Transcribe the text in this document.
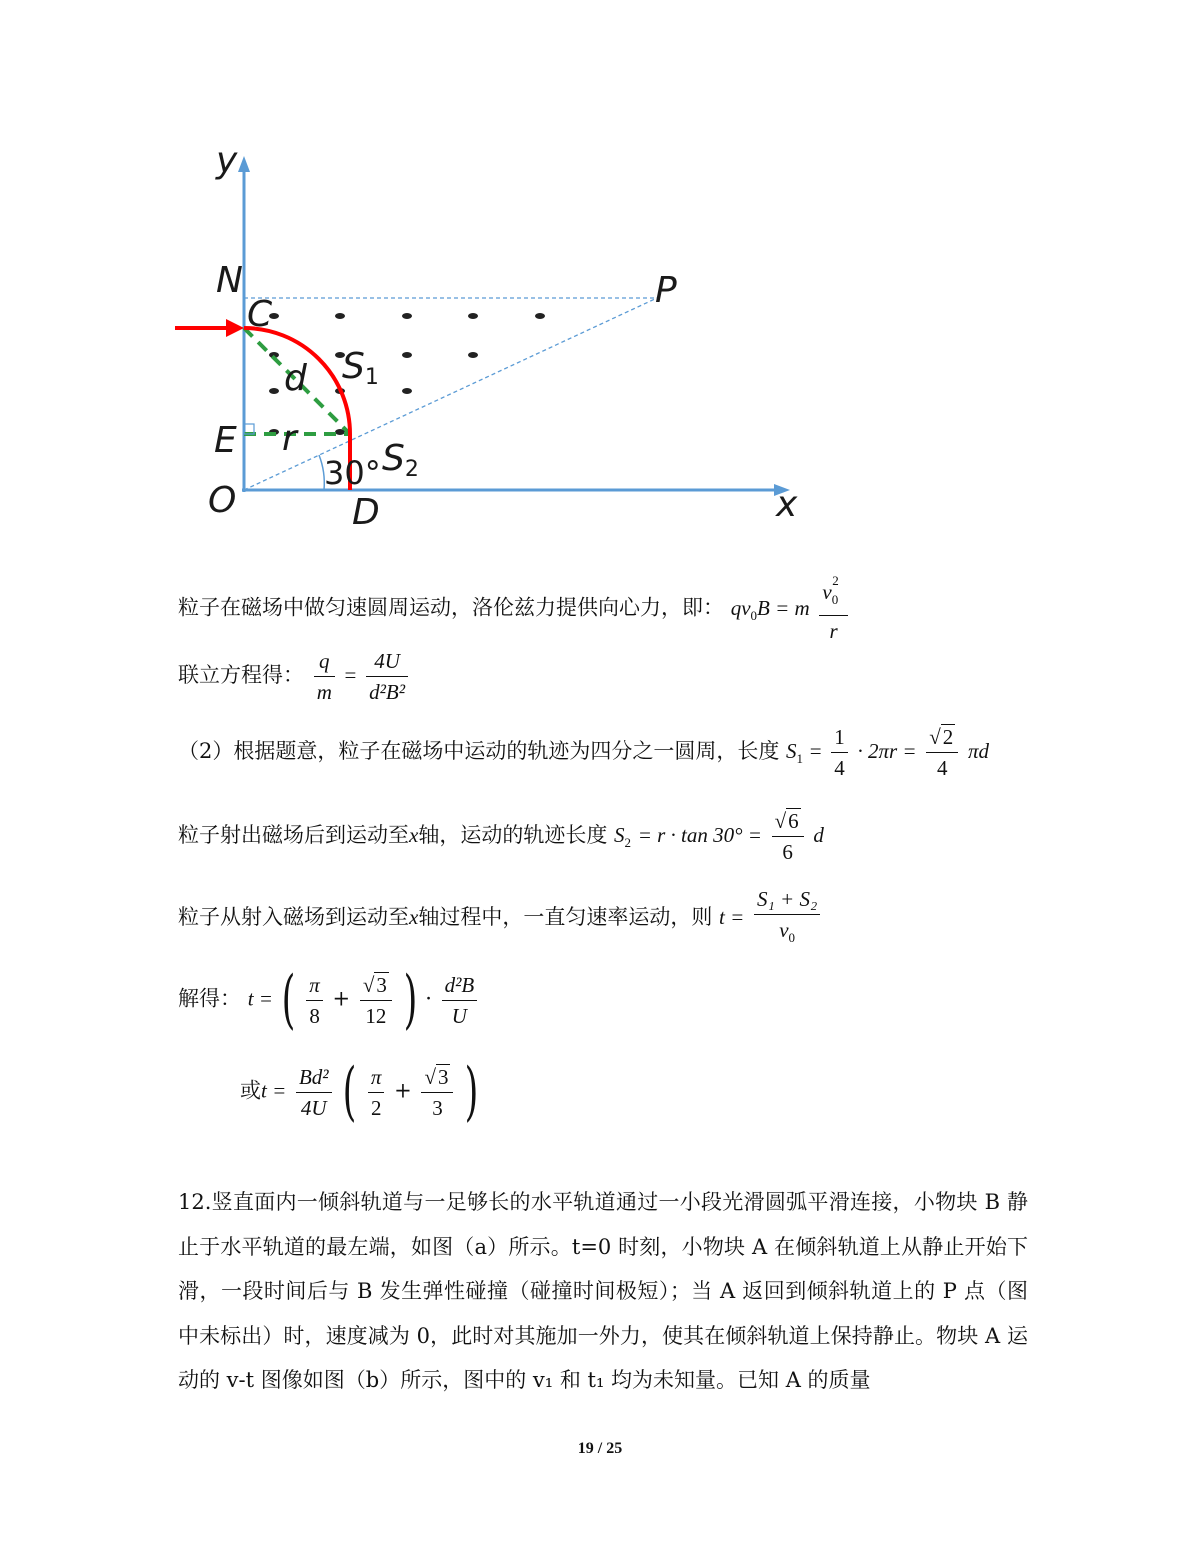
y
N
C
P
d S1
E r
30° S2
O	D	x
粒子在磁场中做匀速圆周运动，洛伦兹力提供向心力，即： $qv_0B = m \frac{v_0^2}{r}$
联立方程得： $\frac{q}{m} = \frac{4U}{\text{d²B²}}$
（2）根据题意，粒子在磁场中运动的轨迹为四分之一圆周，长度 $S_1 = \frac{1}{4} \cdot 2\pi r = \frac{√2}{4}$ πd
粒子射出磁场后到运动至x轴，运动的轨迹长度 $S_2 = r \cdot \tan 30^\circ = \frac{√6}{6}$ d
粒子从射入磁场到运动至x轴过程中，一直匀速率运动，则 $t = \frac{\text{S₁ + S₂}}{v_0}$
解得： t = ( $\frac{\pi}{8} + \frac{√3}{12}$ ) · $\frac{\text{d²B}}{U}$
或$t = \frac{\text{Bd²}}{4U}$ ( $\frac{\pi}{2} + \frac{√3}{3}$ )
12.竖直面内一倾斜轨道与一足够长的水平轨道通过一小段光滑圆弧平滑连接，小物块 B 静止于水平轨道的最左端，如图（a）所示。t=0 时刻，小物块 A 在倾斜轨道上从静止开始下滑，一段时间后与 B 发生弹性碰撞（碰撞时间极短）；当 A 返回到倾斜轨道上的 P 点（图中未标出）时，速度减为 0，此时对其施加一外力，使其在倾斜轨道上保持静止。物块 A 运动的 v-t 图像如图（b）所示，图中的 v₁ 和 t₁ 均为未知量。已知 A 的质量
19 / 25
